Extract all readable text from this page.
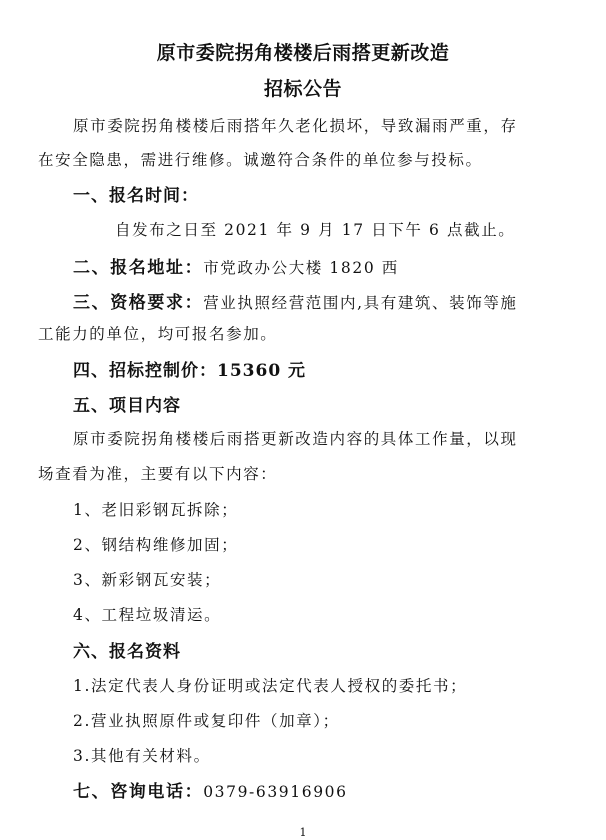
原市委院拐角楼楼后雨搭更新改造
招标公告
原市委院拐角楼楼后雨搭年久老化损坏，导致漏雨严重，存
在安全隐患，需进行维修。诚邀符合条件的单位参与投标。
一、报名时间：
自发布之日至 2021 年 9 月 17 日下午 6 点截止。
二、报名地址：市党政办公大楼 1820 西
三、资格要求：营业执照经营范围内,具有建筑、装饰等施
工能力的单位，均可报名参加。
四、招标控制价：15360 元
五、项目内容
原市委院拐角楼楼后雨搭更新改造内容的具体工作量，以现
场查看为准，主要有以下内容：
1、老旧彩钢瓦拆除；
2、钢结构维修加固；
3、新彩钢瓦安装；
4、工程垃圾清运。
六、报名资料
1.法定代表人身份证明或法定代表人授权的委托书；
2.营业执照原件或复印件（加章）；
3.其他有关材料。
七、咨询电话：0379-63916906
1
